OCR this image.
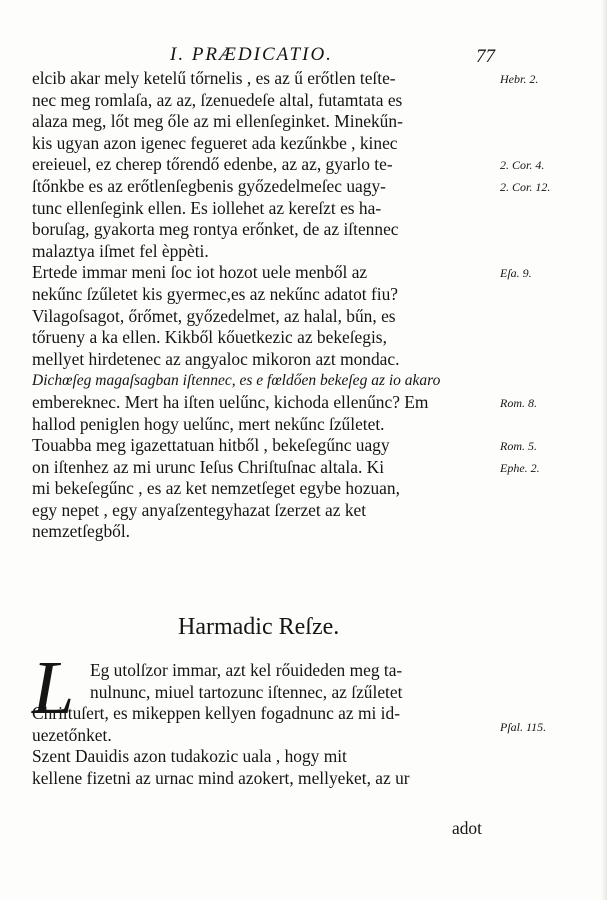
I. PRÆDICATIO.	77
elcib akar mely ketelű tőrnelis , es az ű erőtlen teſte-
nec meg romlaſa, az az, ſzenuedeſe altal, futamtata es
alaza meg, lőt meg őle az mi ellenſeginket. Minekűn-
kis ugyan azon igenec fegueret ada kezűnkbe , kinec
ereieuel, ez cherep tőrendő edenbe, az az, gyarlo te-
ſtőnkbe es az erőtlenſegbenis győzedelmeſec uagy-
tunc ellenſegink ellen. Es iollehet az kereſzt es ha-
boruſag, gyakorta meg rontya erőnket, de az iſtennec
malaztya iſmet fel èppèti.
Ertede immar meni ſoc iot hozot uele menből az
nekűnc ſzűletet kis gyermec,es az nekűnc adatot fiu?
Vilagoſsagot, őrőmet, győzedelmet, az halal, bűn, es
tőrueny a ka ellen. Kikből kőuetkezic az bekeſegis,
mellyet hirdetenec az angyaloc mikoron azt mondac.
Dichœſeg magaſsagban iſtennec, es e fœldően bekeſeg az io akaro
embereknec. Mert ha iſten uelűnc, kichoda ellenűnc? Em
hallod peniglen hogy uelűnc, mert nekűnc ſzűletet.
Touabba meg igazettatuan hitből , bekeſegűnc uagy
on iſtenhez az mi urunc Ieſus Chriſtuſnac altala. Ki
mi bekeſegűnc , es az ket nemzetſeget egybe hozuan,
egy nepet , egy anyaſzentegyhazat ſzerzet az ket
nemzetſegből.
Hebr. 2.
2. Cor. 4.
2. Cor. 12.
Eſa. 9.
Rom. 8.
Rom. 5.
Ephe. 2.
Pſal. 115.
Harmadic Reſze.
L Eg utolſzor immar, azt kel rőuideden meg ta-
nulnunc, miuel tartozunc iſtennec, az ſzűletet
Chriſtuſert, es mikeppen kellyen fogadnunc az mi id-
uezetőnket.
Szent Dauidis azon tudakozic uala , hogy mit
kellene fizetni az urnac mind azokert, mellyeket, az ur
adot
